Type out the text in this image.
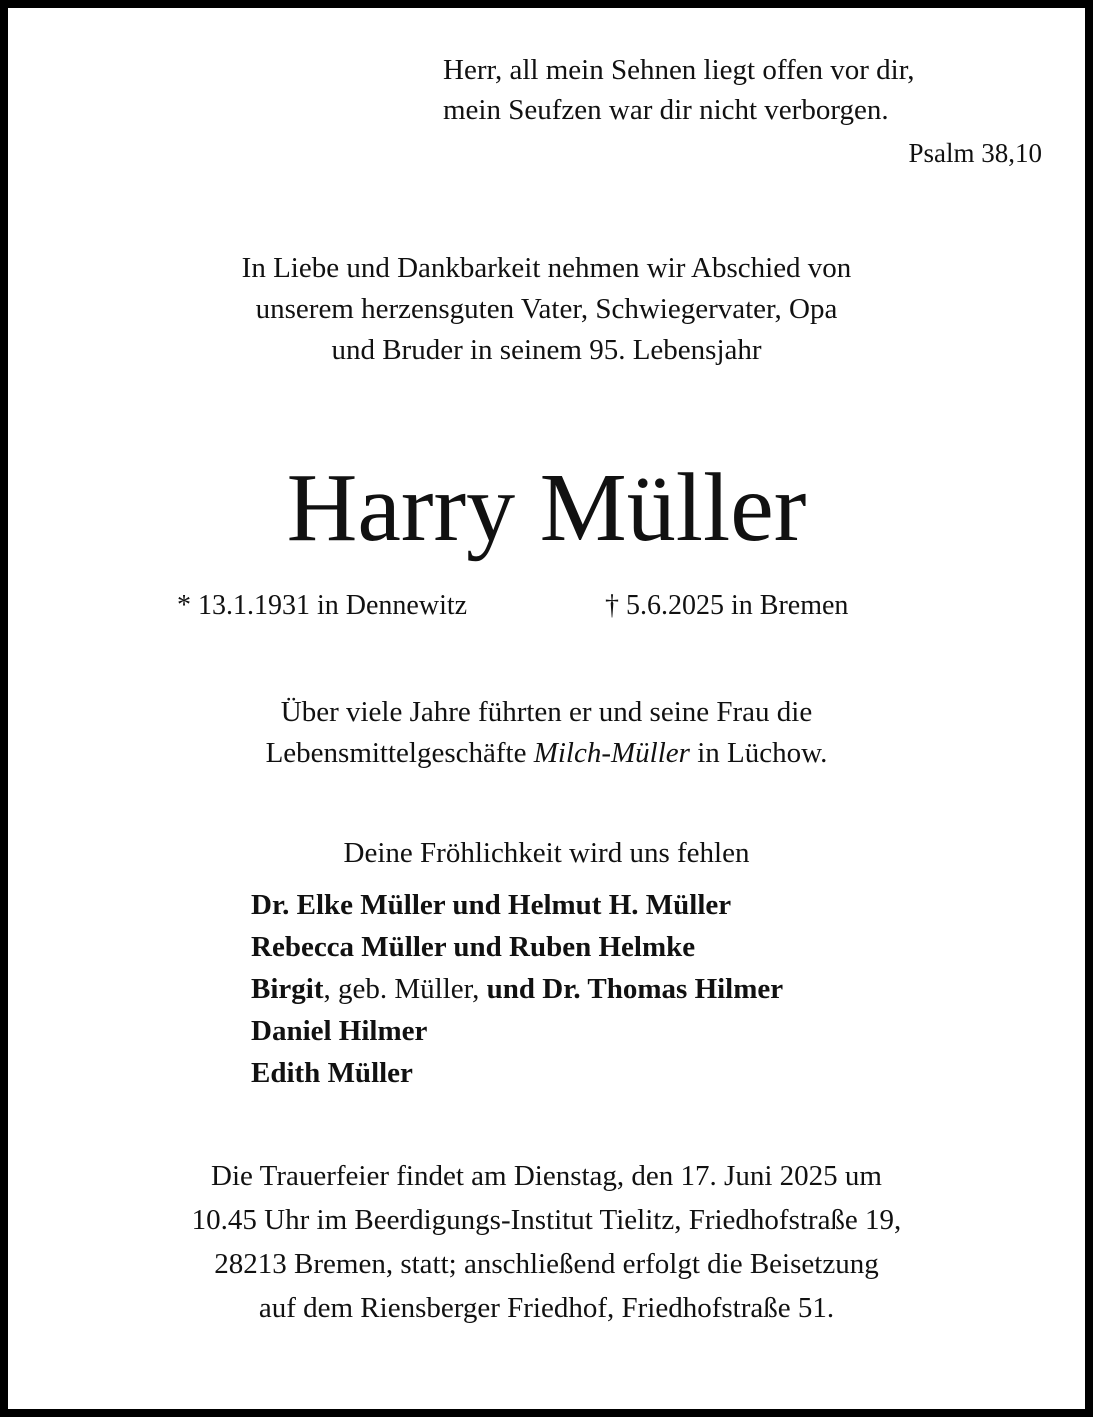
Herr, all mein Sehnen liegt offen vor dir,
mein Seufzen war dir nicht verborgen.
Psalm 38,10
In Liebe und Dankbarkeit nehmen wir Abschied von
unserem herzensguten Vater, Schwiegervater, Opa
und Bruder in seinem 95. Lebensjahr
Harry Müller
* 13.1.1931 in Dennewitz	† 5.6.2025 in Bremen
Über viele Jahre führten er und seine Frau die
Lebensmittelgeschäfte Milch-Müller in Lüchow.
Deine Fröhlichkeit wird uns fehlen
Dr. Elke Müller und Helmut H. Müller
Rebecca Müller und Ruben Helmke
Birgit, geb. Müller, und Dr. Thomas Hilmer
Daniel Hilmer
Edith Müller
Die Trauerfeier findet am Dienstag, den 17. Juni 2025 um
10.45 Uhr im Beerdigungs-Institut Tielitz, Friedhofstraße 19,
28213 Bremen, statt; anschließend erfolgt die Beisetzung
auf dem Riensberger Friedhof, Friedhofstraße 51.
